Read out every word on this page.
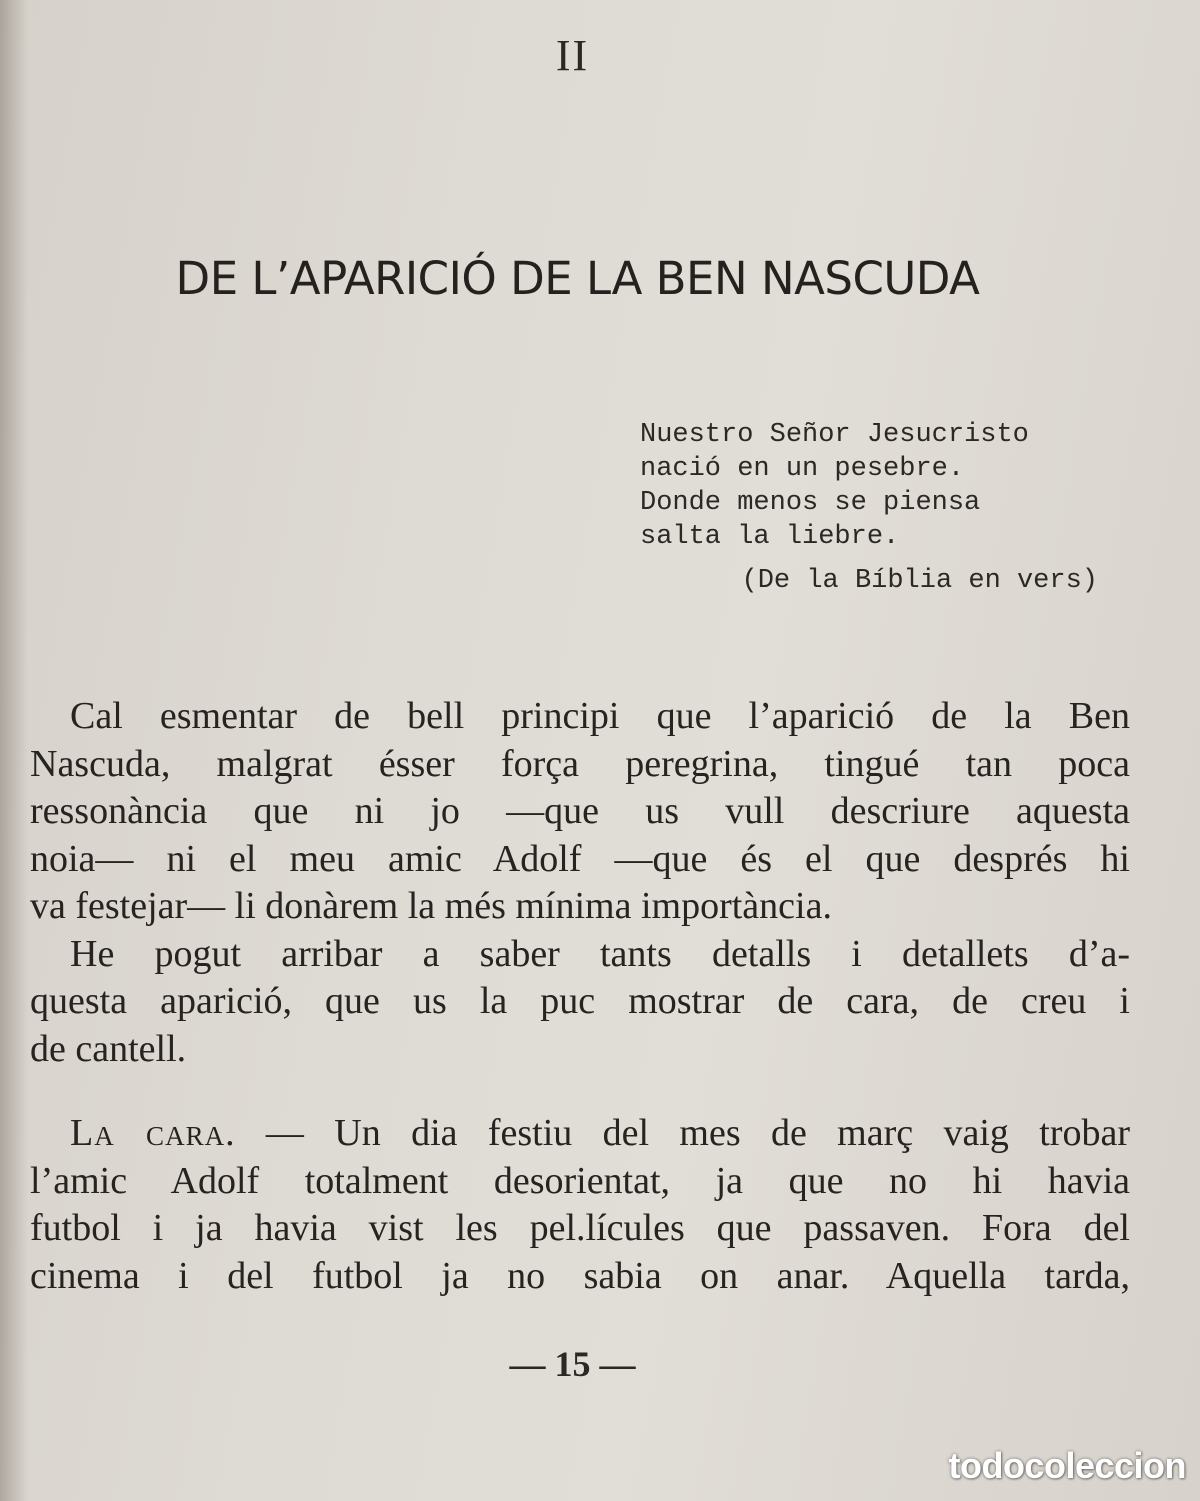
II
DE L’APARICIÓ DE LA BEN NASCUDA
Nuestro Señor Jesucristo
nació en un pesebre.
Donde menos se piensa
salta la liebre.
(De la Bíblia en vers)
Cal esmentar de bell principi que l’aparició de la Ben
Nascuda, malgrat ésser força peregrina, tingué tan poca
ressonància que ni jo —que us vull descriure aquesta
noia— ni el meu amic Adolf —que és el que després hi
va festejar— li donàrem la més mínima importància.
He pogut arribar a saber tants detalls i detallets d’a-
questa aparició, que us la puc mostrar de cara, de creu i
de cantell.
La cara. — Un dia festiu del mes de març vaig trobar
l’amic Adolf totalment desorientat, ja que no hi havia
futbol i ja havia vist les pel.lícules que passaven. Fora del
cinema i del futbol ja no sabia on anar. Aquella tarda,
— 15 —
todocoleccion
